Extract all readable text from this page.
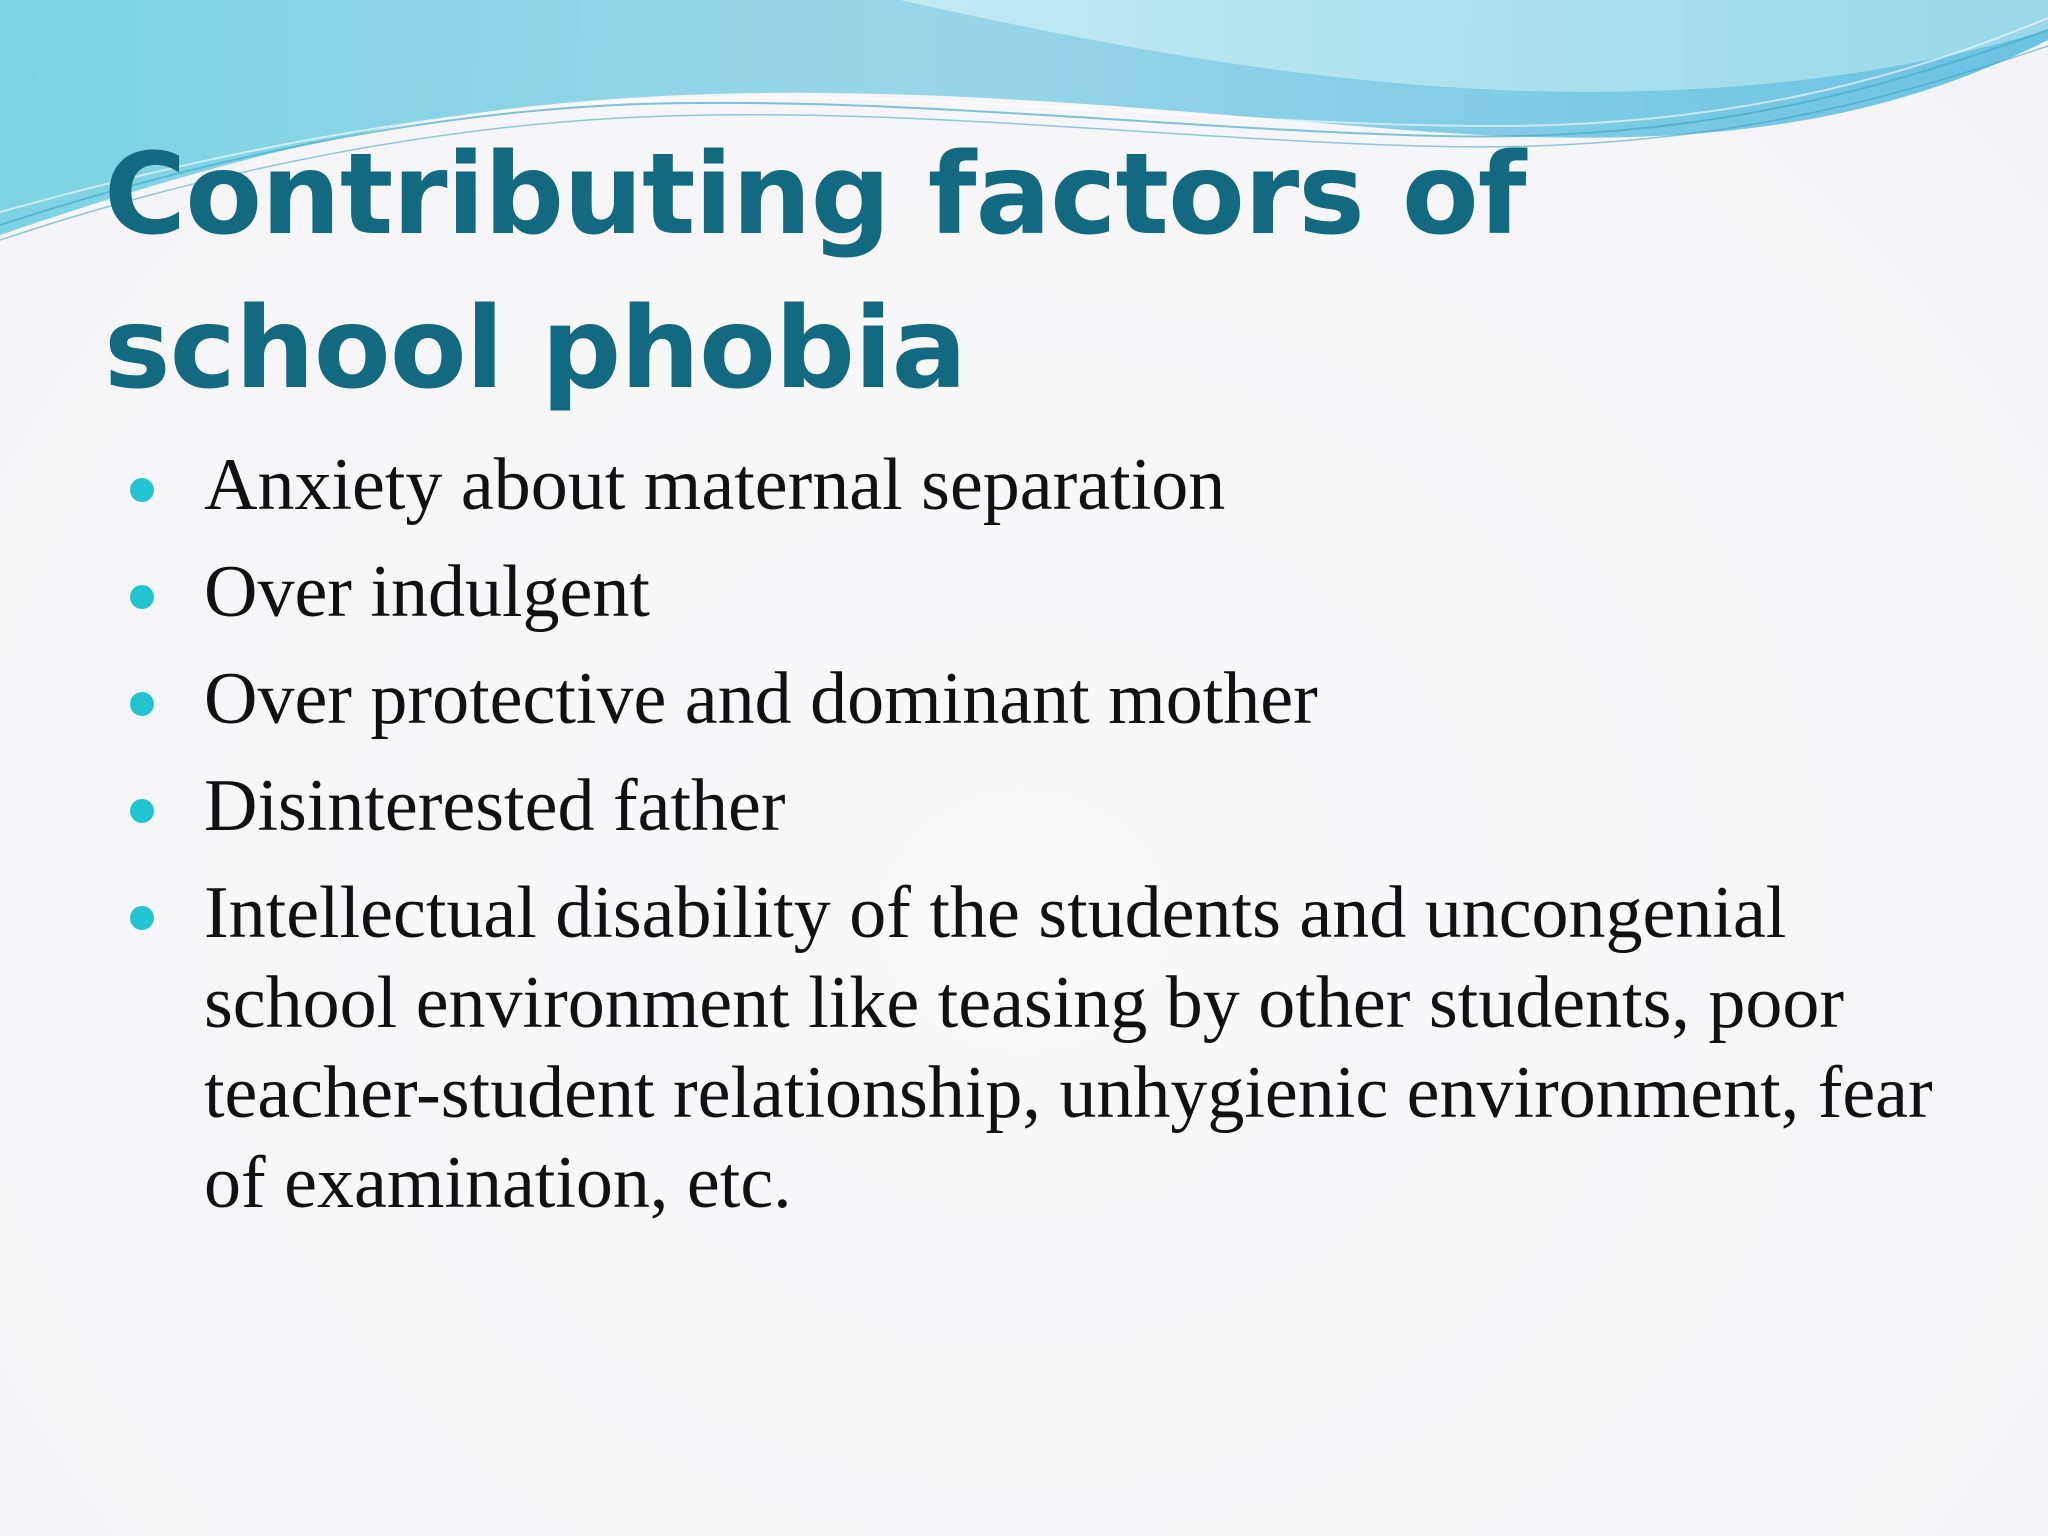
Contributing factors of school phobia
Anxiety about maternal separation
Over indulgent
Over protective and dominant mother
Disinterested father
Intellectual disability of the students and uncongenial school environment like teasing by other students, poor teacher-student relationship, unhygienic environment, fear of examination, etc.
